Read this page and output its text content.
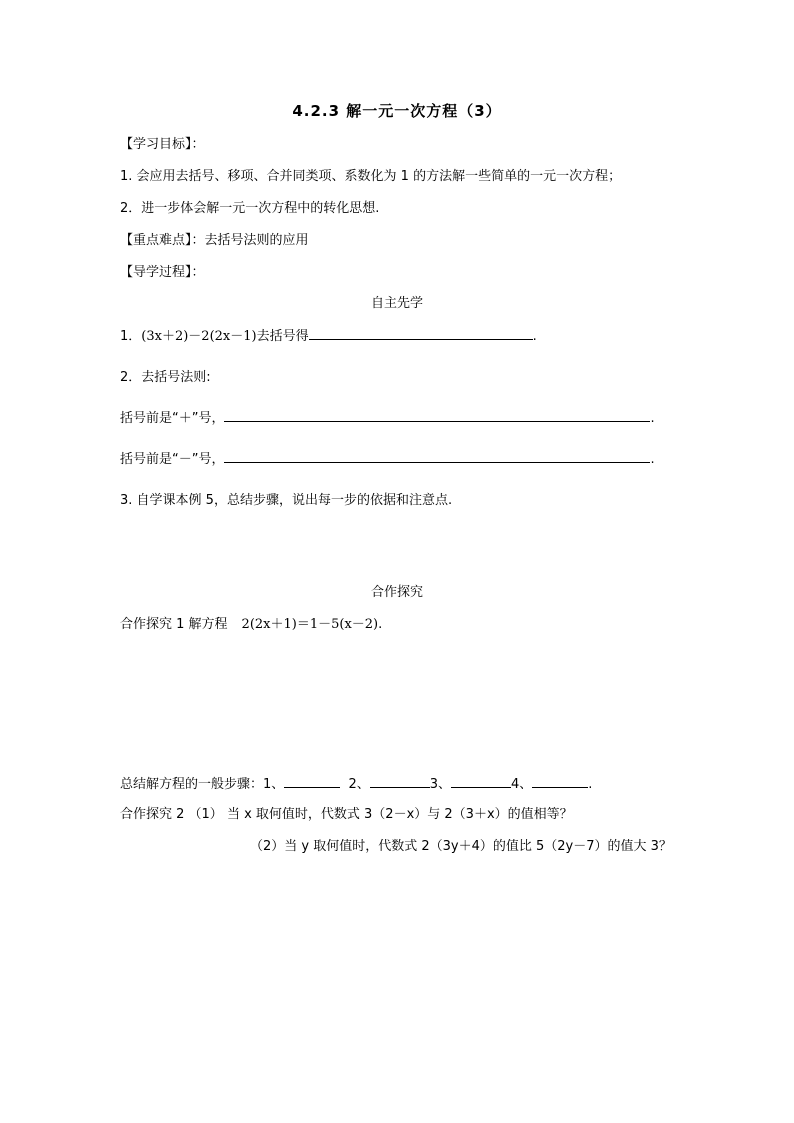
4.2.3 解一元一次方程（3）
【学习目标】：
1. 会应用去括号、移项、合并同类项、系数化为 1 的方法解一些简单的一元一次方程；
2．进一步体会解一元一次方程中的转化思想.
【重点难点】：去括号法则的应用
【导学过程】：
自主先学
1．(3x＋2)－2(2x－1)去括号得	.
2．去括号法则:
括号前是“＋”号，	.
括号前是“－”号，	.
3. 自学课本例 5，总结步骤，说出每一步的依据和注意点.
合作探究
合作探究 1 解方程 2(2x＋1)＝1－5(x－2).
总结解方程的一般步骤：1、	2、	3、	4、	.
合作探究 2 （1） 当 x 取何值时，代数式 3（2－x）与 2（3＋x）的值相等？
（2）当 y 取何值时，代数式 2（3y＋4）的值比 5（2y－7）的值大 3？
